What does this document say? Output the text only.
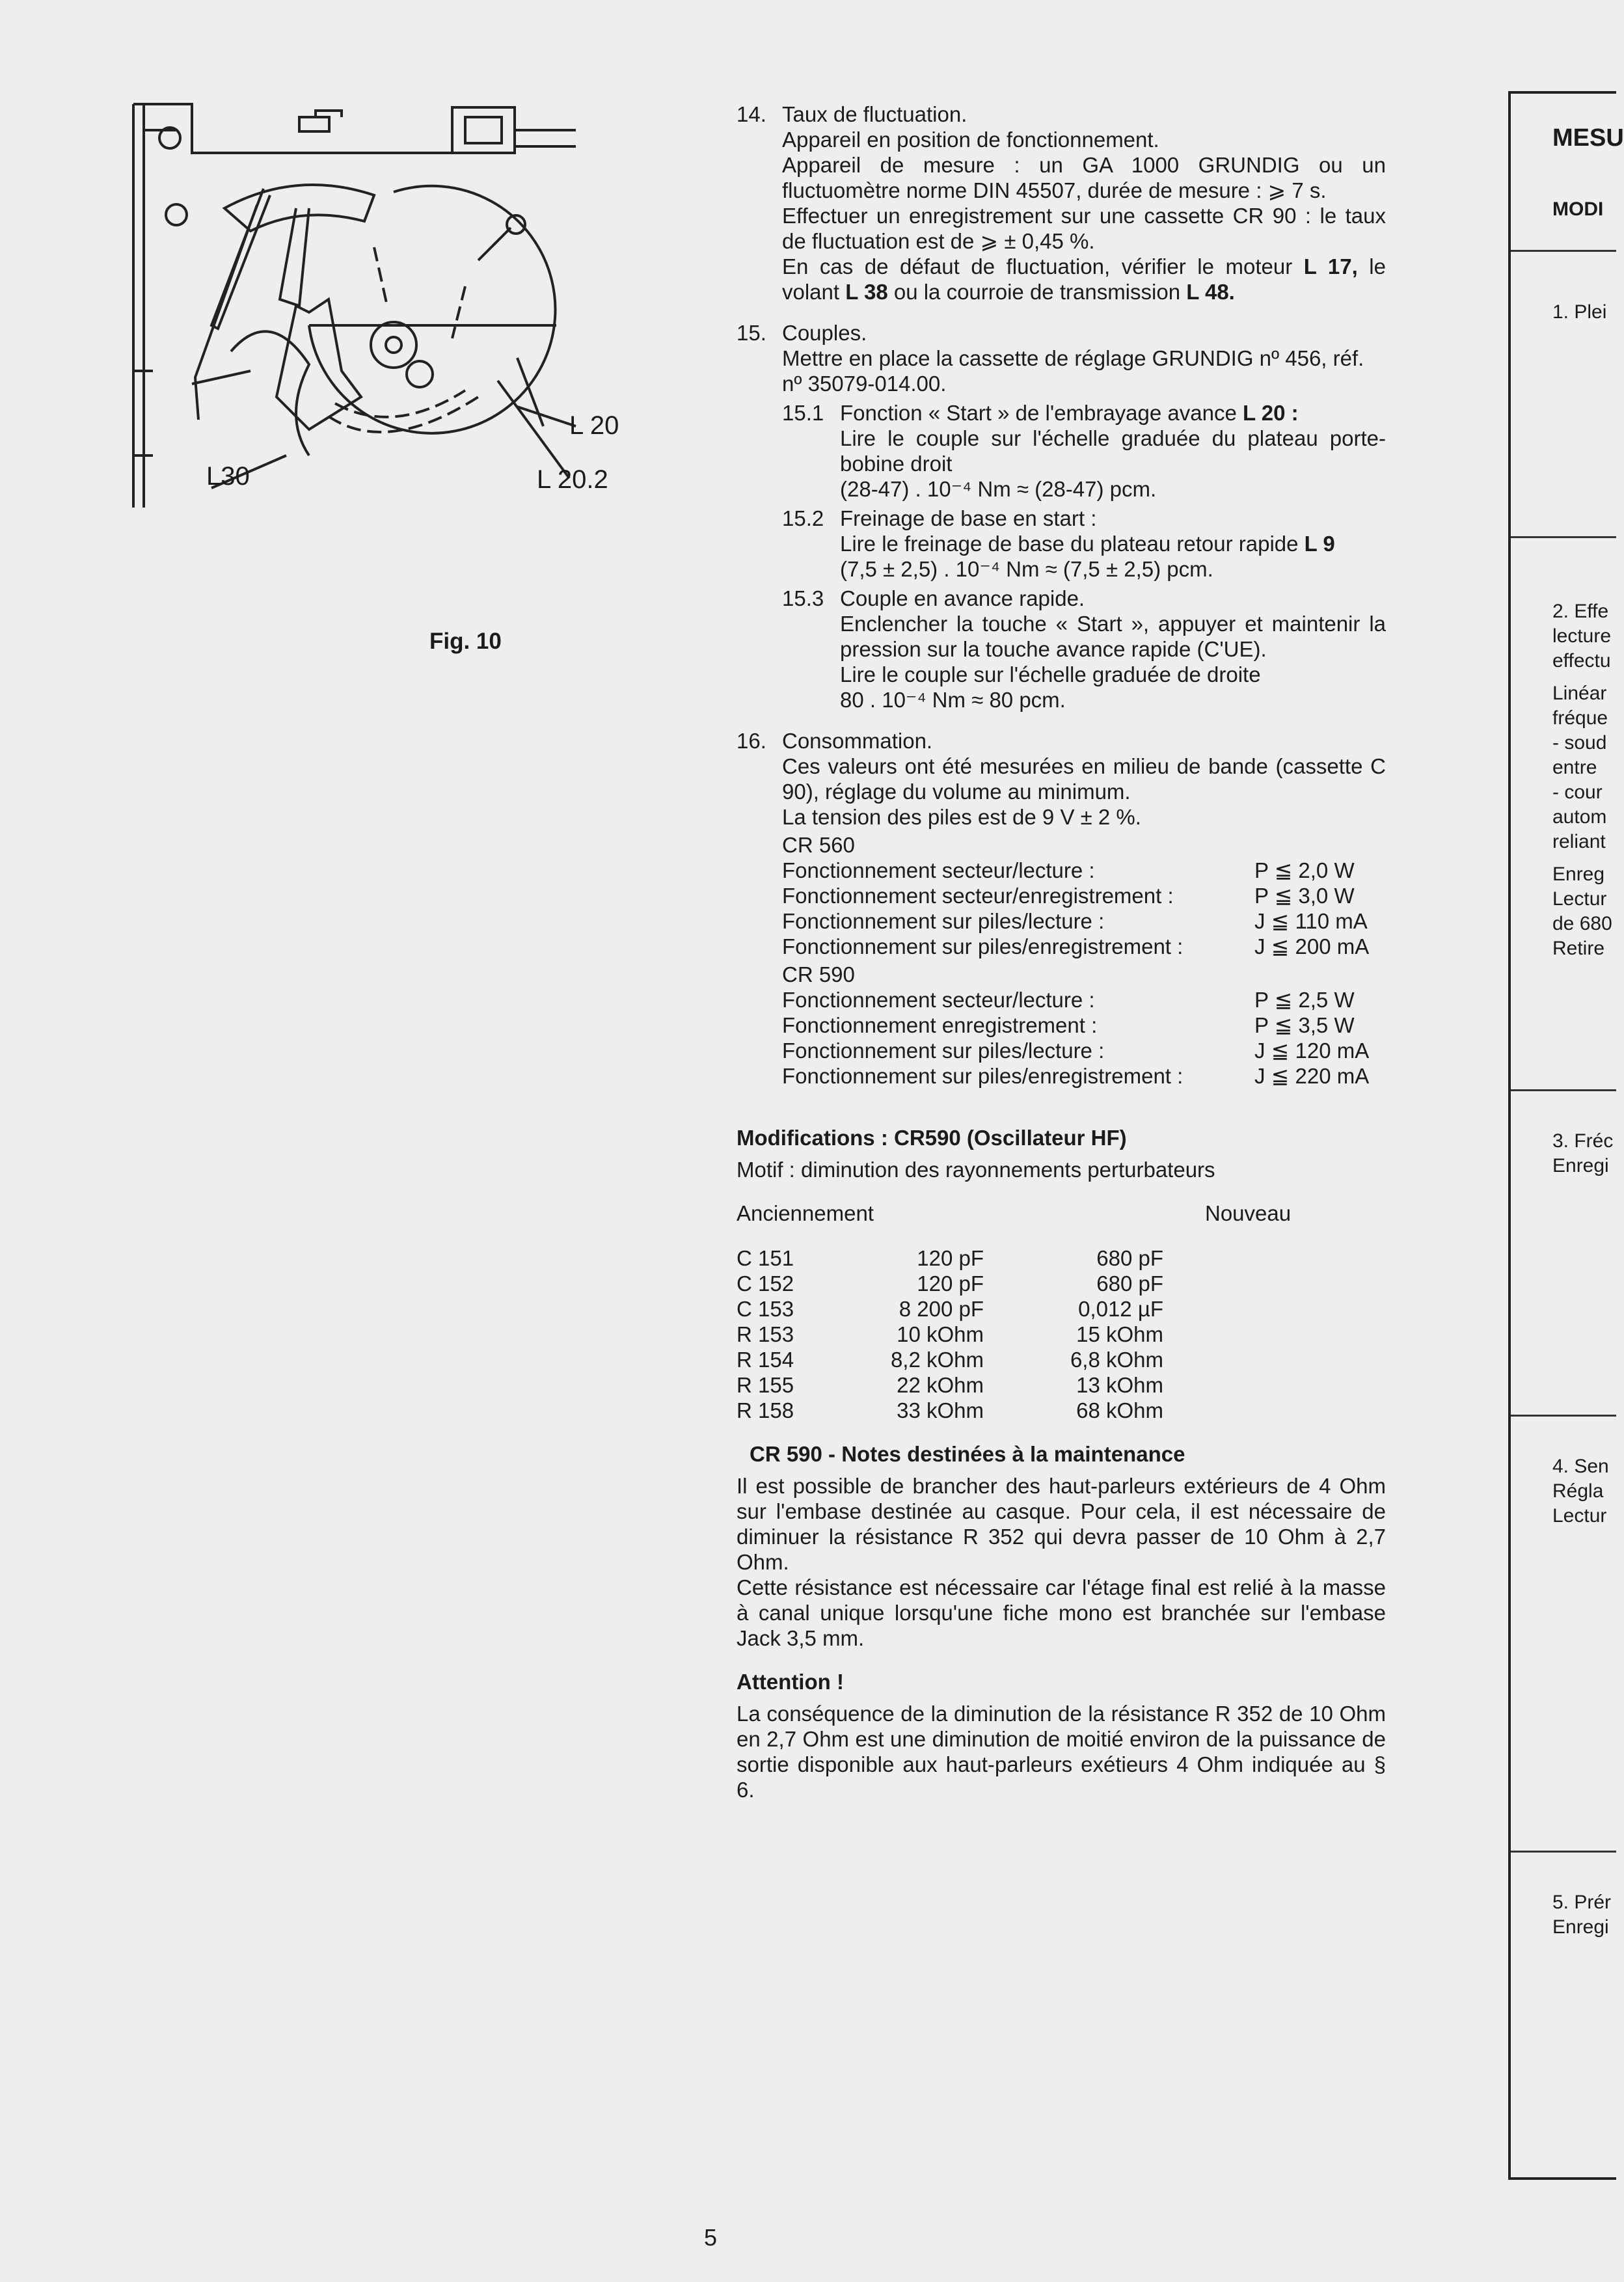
L 20
L 20.2
L30
Fig. 10
14. Taux de fluctuation.
Appareil en position de fonctionnement.
Appareil de mesure : un GA 1000 GRUNDIG ou un fluctuomètre norme DIN 45507, durée de mesure : ⩾ 7 s.
Effectuer un enregistrement sur une cassette CR 90 : le taux de fluctuation est de ⩾ ± 0,45 %.
En cas de défaut de fluctuation, vérifier le moteur L 17, le volant L 38 ou la courroie de transmission L 48.
15. Couples.
Mettre en place la cassette de réglage GRUNDIG nº 456, réf. nº 35079-014.00.
15.1 Fonction « Start » de l'embrayage avance L 20 :
Lire le couple sur l'échelle graduée du plateau porte-bobine droit
(28-47) . 10⁻⁴ Nm ≈ (28-47) pcm.
15.2 Freinage de base en start :
Lire le freinage de base du plateau retour rapide L 9
(7,5 ± 2,5) . 10⁻⁴ Nm ≈ (7,5 ± 2,5) pcm.
15.3 Couple en avance rapide.
Enclencher la touche « Start », appuyer et maintenir la pression sur la touche avance rapide (C'UE).
Lire le couple sur l'échelle graduée de droite
80 . 10⁻⁴ Nm ≈ 80 pcm.
16. Consommation.
Ces valeurs ont été mesurées en milieu de bande (cassette C 90), réglage du volume au minimum.
La tension des piles est de 9 V ± 2 %.
CR 560
Fonctionnement secteur/lecture :	P ≦ 2,0 W
Fonctionnement secteur/enregistrement :	P ≦ 3,0 W
Fonctionnement sur piles/lecture :	J ≦ 110 mA
Fonctionnement sur piles/enregistrement :	J ≦ 200 mA
CR 590
Fonctionnement secteur/lecture :	P ≦ 2,5 W
Fonctionnement enregistrement :	P ≦ 3,5 W
Fonctionnement sur piles/lecture :	J ≦ 120 mA
Fonctionnement sur piles/enregistrement :	J ≦ 220 mA
Modifications : CR590 (Oscillateur HF)
Motif : diminution des rayonnements perturbateurs
Anciennement	Nouveau
C 151	120 pF	680 pF
C 152	120 pF	680 pF
C 153	8 200 pF	0,012 µF
R 153	10 kOhm	15 kOhm
R 154	8,2 kOhm	6,8 kOhm
R 155	22 kOhm	13 kOhm
R 158	33 kOhm	68 kOhm
CR 590 - Notes destinées à la maintenance
Il est possible de brancher des haut-parleurs extérieurs de 4 Ohm sur l'embase destinée au casque. Pour cela, il est nécessaire de diminuer la résistance R 352 qui devra passer de 10 Ohm à 2,7 Ohm.
Cette résistance est nécessaire car l'étage final est relié à la masse à canal unique lorsqu'une fiche mono est branchée sur l'embase Jack 3,5 mm.
Attention !
La conséquence de la diminution de la résistance R 352 de 10 Ohm en 2,7 Ohm est une diminution de moitié environ de la puissance de sortie disponible aux haut-parleurs exétieurs 4 Ohm indiquée au § 6.
MESU
MODI
1. Plei
2. Effe
lecture
effectu
Linéar
fréque
- soud
entre
- cour
autom
reliant
Enreg
Lectur
de 680
Retire
3. Fréc
Enregi
4. Sen
Régla
Lectur
5. Prér
Enregi
5
